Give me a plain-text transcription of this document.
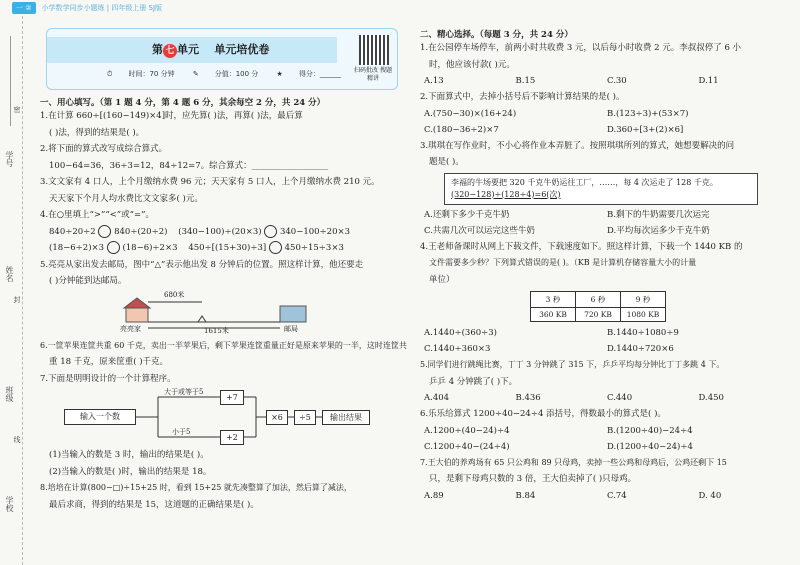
一 ②	小学数学同步小题练 | 四年级上册 SJ版
学号
姓名
班级
学校
密
封
线
第 七 单元 单元培优卷
⏱ 时间：70 分钟	✎ 分值：100 分	★ 得分：______	扫码批改 搜题精讲
一、用心填写。（第 1 题 4 分，第 4 题 6 分，其余每空 2 分，共 24 分）
1.在计算 660÷[(160−149)×4]时，应先算( )法，再算( )法，最后算
( )法，得到的结果是( )。
2.将下面的算式改写成综合算式。
100−64=36，36÷3=12，84÷12=7。综合算式：__________________
3.文文家有 4 口人，上个月缴纳水费 96 元；天天家有 5 口人，上个月缴纳水费 210 元。
天天家下个月人均水费比文文家多( )元。
4.在○里填上“>”“<”或“=”。
840÷20÷2 840÷(20÷2) (340−100)÷(20×3) 340−100÷20×3
(18−6÷2)×3 (18−6)÷2×3 450÷[(15+30)÷3] 450÷15÷3×3
5.亮亮从家出发去邮局，图中“△”表示他出发 8 分钟后的位置。照这样计算，他还要走
( )分钟能到达邮局。
680米
1615米
亮亮家	邮局
6.一筐苹果连筐共重 60 千克，卖出一半苹果后，剩下苹果连筐重量正好是原来苹果的一半，这时连筐共
重 18 千克，原来筐重( )千克。
7.下面是明明设计的一个计算程序。
输入一个数
大于或等于5
小于5
+7
+2
×6	÷5	输出结果
(1)当输入的数是 3 时，输出的结果是( )。
(2)当输入的数是( )时，输出的结果是 18。
8.培培在计算(800−□)÷15+25 时，看到 15+25 就先凑整算了加法，然后算了减法，
最后求商，得到的结果是 15，这道题的正确结果是( )。
二、精心选择。（每题 3 分，共 24 分）
1.在公园停车场停车，前两小时共收费 3 元，以后每小时收费 2 元。李叔叔停了 6 小
时，他应该付款( )元。
A.13	B.15	C.30	D.11
2.下面算式中，去掉小括号后不影响计算结果的是( )。
A.(750−30)×(16+24)	B.(123÷3)+(53×7)
C.(180−36÷2)×7	D.360÷[3+(2)×6]
3.琪琪在写作业时，不小心将作业本弄脏了。按照琪琪所列的算式，她想要解决的问
题是( )。
李福的牛场要把 320 千克牛奶运往工厂，……，每 4 次运走了 128 千克。
(320−128)÷(128÷4)=6(次)
A.还剩下多少千克牛奶	B.剩下的牛奶需要几次运完
C.共需几次可以运完这些牛奶	D.平均每次运多少千克牛奶
4.王老师备课时从网上下载文件，下载速度如下。照这样计算，下载一个 1440 KB 的
文件需要多少秒？下列算式错误的是( )。（KB 是计算机存储容量大小的计量
单位）
3 秒	6 秒	9 秒
360 KB	720 KB	1080 KB
A.1440÷(360÷3)	B.1440÷1080÷9
C.1440÷360×3	D.1440÷720×6
5.同学们进行跳绳比赛，丁丁 3 分钟跳了 315 下，乒乒平均每分钟比丁丁多跳 4 下。
乒乒 4 分钟跳了( )下。
A.404	B.436	C.440	D.450
6.乐乐给算式 1200÷40−24÷4 添括号，得数最小的算式是( )。
A.1200÷(40−24)÷4	B.(1200÷40)−24÷4
C.1200÷40−(24÷4)	D.(1200÷40−24)÷4
7.王大伯的养鸡场有 65 只公鸡和 89 只母鸡，卖掉一些公鸡和母鸡后，公鸡还剩下 15
只，是剩下母鸡只数的 3 倍，王大伯卖掉了( )只母鸡。
A.89	B.84	C.74	D. 40
